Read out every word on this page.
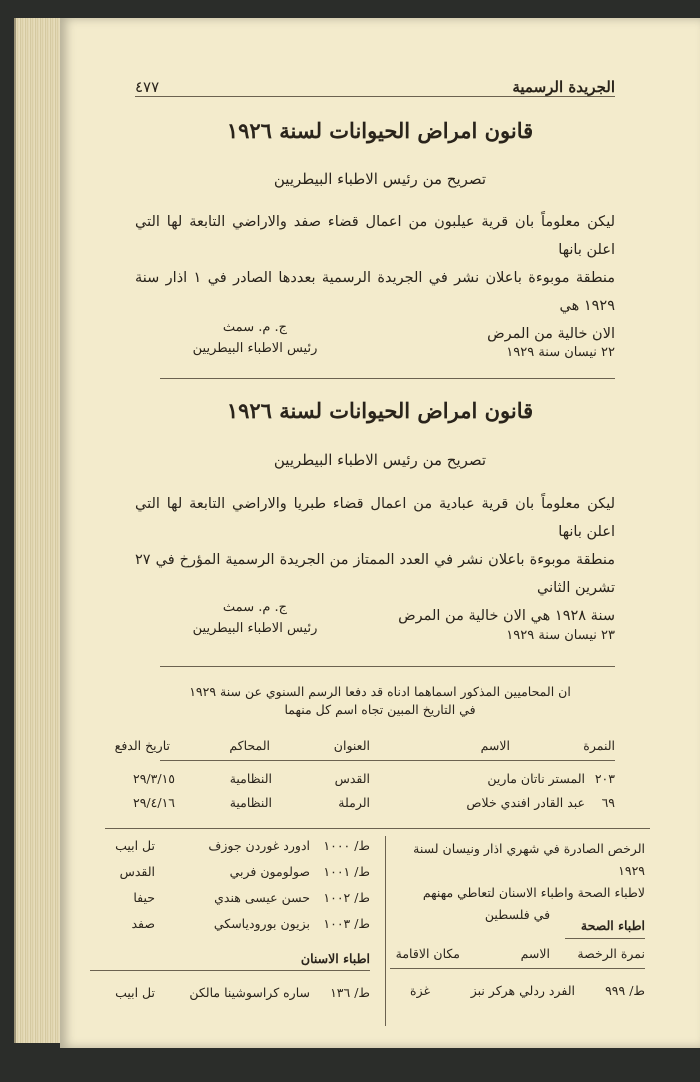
الجريدة الرسمية
٤٧٧
قانون امراض الحيوانات لسنة ١٩٢٦
تصريح من رئيس الاطباء البيطريين
ليكن معلوماً بان قرية عيلبون من اعمال قضاء صفد والاراضي التابعة لها التي اعلن بانها
منطقة موبوءة باعلان نشر في الجريدة الرسمية بعددها الصادر في ١ اذار سنة ١٩٢٩ هي
الان خالية من المرض
ج. م. سمث
رئيس الاطباء البيطريين	٢٢ نيسان سنة ١٩٢٩
قانون امراض الحيوانات لسنة ١٩٢٦
تصريح من رئيس الاطباء البيطريين
ليكن معلوماً بان قرية عبادية من اعمال قضاء طبريا والاراضي التابعة لها التي اعلن بانها
منطقة موبوءة باعلان نشر في العدد الممتاز من الجريدة الرسمية المؤرخ في ٢٧ تشرين الثاني
سنة ١٩٢٨ هي الان خالية من المرض
ج. م. سمث
رئيس الاطباء البيطريين	٢٣ نيسان سنة ١٩٢٩
ان المحاميين المذكور اسماهما ادناه قد دفعا الرسم السنوي عن سنة ١٩٢٩
في التاريخ المبين تجاه اسم كل منهما
النمرة
الاسم
العنوان
المحاكم
تاريخ الدفع
٢٠٣
المستر ناتان مارين
القدس
النظامية
٢٩/٣/١٥
٦٩
عبد القادر افندي خلاص
الرملة
النظامية
٢٩/٤/١٦
الرخص الصادرة في شهري اذار ونيسان لسنة ١٩٢٩
لاطباء الصحة واطباء الاسنان لتعاطي مهنهم
في فلسطين
اطباء الصحة
نمرة الرخصة
الاسم
مكان الاقامة
ط/ ٩٩٩
الفرد ردلي هركر نبز
غزة
ط/ ١٠٠٠
ادورد غوردن جوزف
تل ابيب
ط/ ١٠٠١
صولومون فربي
القدس
ط/ ١٠٠٢
حسن عيسى هندي
حيفا
ط/ ١٠٠٣
بزيون بورودياسكي
صفد
اطباء الاسنان
ط/ ١٣٦
ساره كراسوشينا مالكن
تل ابيب
